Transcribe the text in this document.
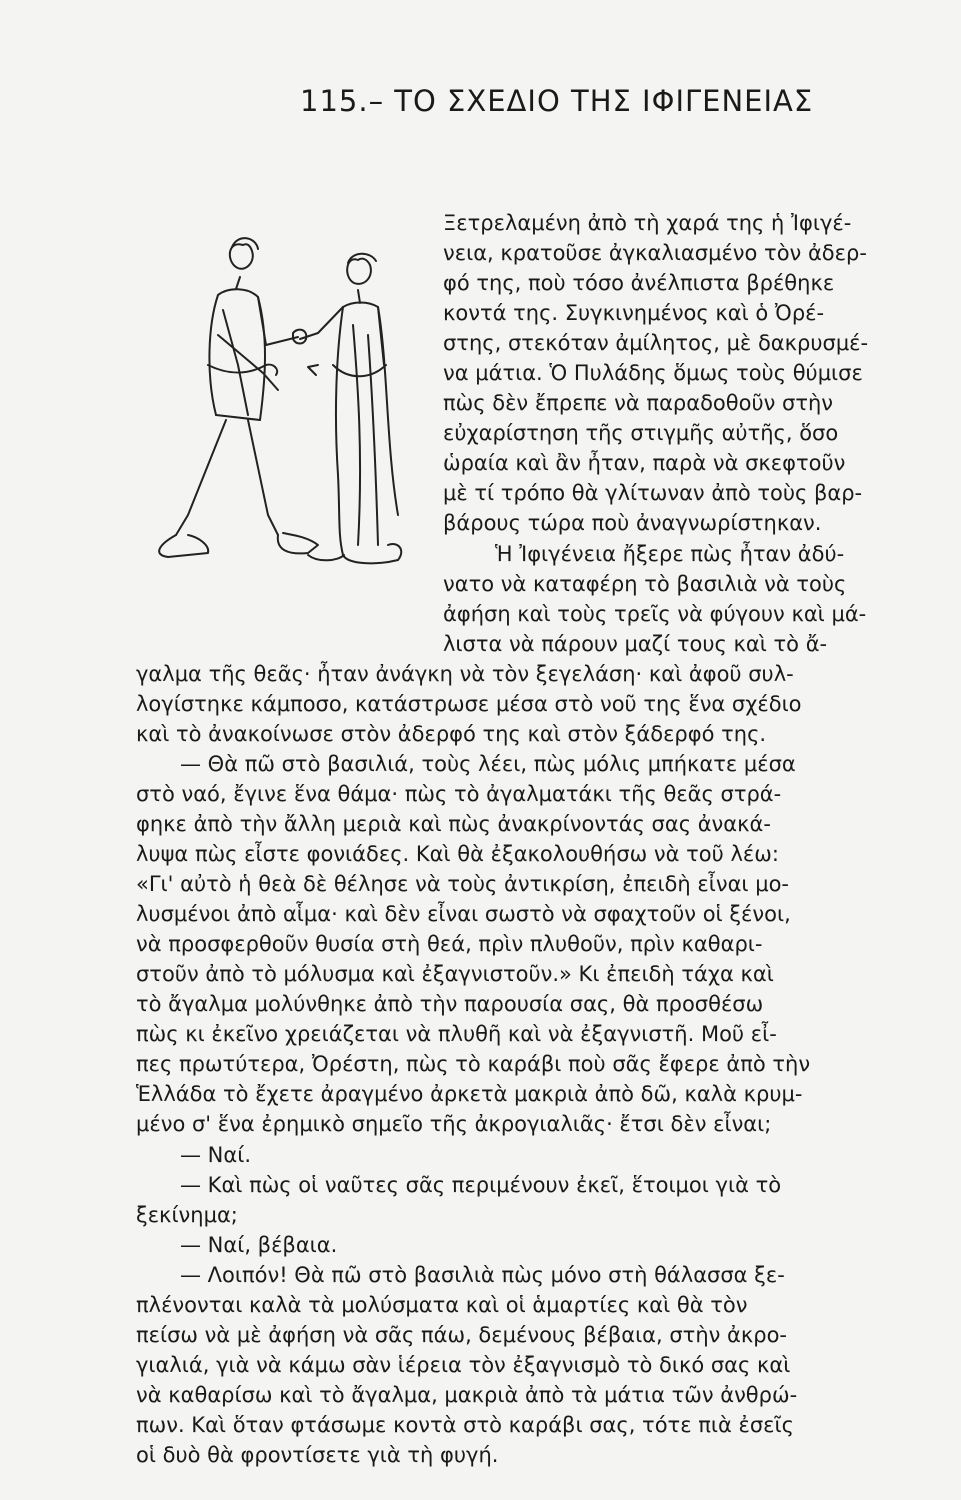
115.– ΤΟ ΣΧΕΔΙΟ ΤΗΣ ΙΦΙΓΕΝΕΙΑΣ
Ξετρελαμένη ἀπὸ τὴ χαρά της ἡ Ἰφιγέ-
νεια, κρατοῦσε ἀγκαλιασμένο τὸν ἀδερ-
φό της, ποὺ τόσο ἀνέλπιστα βρέθηκε
κοντά της. Συγκινημένος καὶ ὁ Ὀρέ-
στης, στεκόταν ἀμίλητος, μὲ δακρυσμέ-
να μάτια. Ὁ Πυλάδης ὅμως τοὺς θύμισε
πὼς δὲν ἔπρεπε νὰ παραδοθοῦν στὴν
εὐχαρίστηση τῆς στιγμῆς αὐτῆς, ὅσο
ὡραία καὶ ἂν ἦταν, παρὰ νὰ σκεφτοῦν
μὲ τί τρόπο θὰ γλίτωναν ἀπὸ τοὺς βαρ-
βάρους τώρα ποὺ ἀναγνωρίστηκαν.
Ἡ Ἰφιγένεια ἤξερε πὼς ἦταν ἀδύ-
νατο νὰ καταφέρη τὸ βασιλιὰ νὰ τοὺς
ἀφήση καὶ τοὺς τρεῖς νὰ φύγουν καὶ μά-
λιστα νὰ πάρουν μαζί τους καὶ τὸ ἄ-
γαλμα τῆς θεᾶς· ἦταν ἀνάγκη νὰ τὸν ξεγελάση· καὶ ἀφοῦ συλ-
λογίστηκε κάμποσο, κατάστρωσε μέσα στὸ νοῦ της ἕνα σχέδιο
καὶ τὸ ἀνακοίνωσε στὸν ἀδερφό της καὶ στὸν ξάδερφό της.
— Θὰ πῶ στὸ βασιλιά, τοὺς λέει, πὼς μόλις μπήκατε μέσα
στὸ ναό, ἔγινε ἕνα θάμα· πὼς τὸ ἀγαλματάκι τῆς θεᾶς στρά-
φηκε ἀπὸ τὴν ἄλλη μεριὰ καὶ πὼς ἀνακρίνοντάς σας ἀνακά-
λυψα πὼς εἶστε φονιάδες. Καὶ θὰ ἐξακολουθήσω νὰ τοῦ λέω:
«Γι' αὐτὸ ἡ θεὰ δὲ θέλησε νὰ τοὺς ἀντικρίση, ἐπειδὴ εἶναι μο-
λυσμένοι ἀπὸ αἷμα· καὶ δὲν εἶναι σωστὸ νὰ σφαχτοῦν οἱ ξένοι,
νὰ προσφερθοῦν θυσία στὴ θεά, πρὶν πλυθοῦν, πρὶν καθαρι-
στοῦν ἀπὸ τὸ μόλυσμα καὶ ἐξαγνιστοῦν.» Κι ἐπειδὴ τάχα καὶ
τὸ ἄγαλμα μολύνθηκε ἀπὸ τὴν παρουσία σας, θὰ προσθέσω
πὼς κι ἐκεῖνο χρειάζεται νὰ πλυθῆ καὶ νὰ ἐξαγνιστῆ. Μοῦ εἶ-
πες πρωτύτερα, Ὀρέστη, πὼς τὸ καράβι ποὺ σᾶς ἔφερε ἀπὸ τὴν
Ἑλλάδα τὸ ἔχετε ἀραγμένο ἀρκετὰ μακριὰ ἀπὸ δῶ, καλὰ κρυμ-
μένο σ' ἕνα ἐρημικὸ σημεῖο τῆς ἀκρογιαλιᾶς· ἔτσι δὲν εἶναι;
— Ναί.
— Καὶ πὼς οἱ ναῦτες σᾶς περιμένουν ἐκεῖ, ἕτοιμοι γιὰ τὸ
ξεκίνημα;
— Ναί, βέβαια.
— Λοιπόν! Θὰ πῶ στὸ βασιλιὰ πὼς μόνο στὴ θάλασσα ξε-
πλένονται καλὰ τὰ μολύσματα καὶ οἱ ἁμαρτίες καὶ θὰ τὸν
πείσω νὰ μὲ ἀφήση νὰ σᾶς πάω, δεμένους βέβαια, στὴν ἀκρο-
γιαλιά, γιὰ νὰ κάμω σὰν ἱέρεια τὸν ἐξαγνισμὸ τὸ δικό σας καὶ
νὰ καθαρίσω καὶ τὸ ἄγαλμα, μακριὰ ἀπὸ τὰ μάτια τῶν ἀνθρώ-
πων. Καὶ ὅταν φτάσωμε κοντὰ στὸ καράβι σας, τότε πιὰ ἐσεῖς
οἱ δυὸ θὰ φροντίσετε γιὰ τὴ φυγή.
